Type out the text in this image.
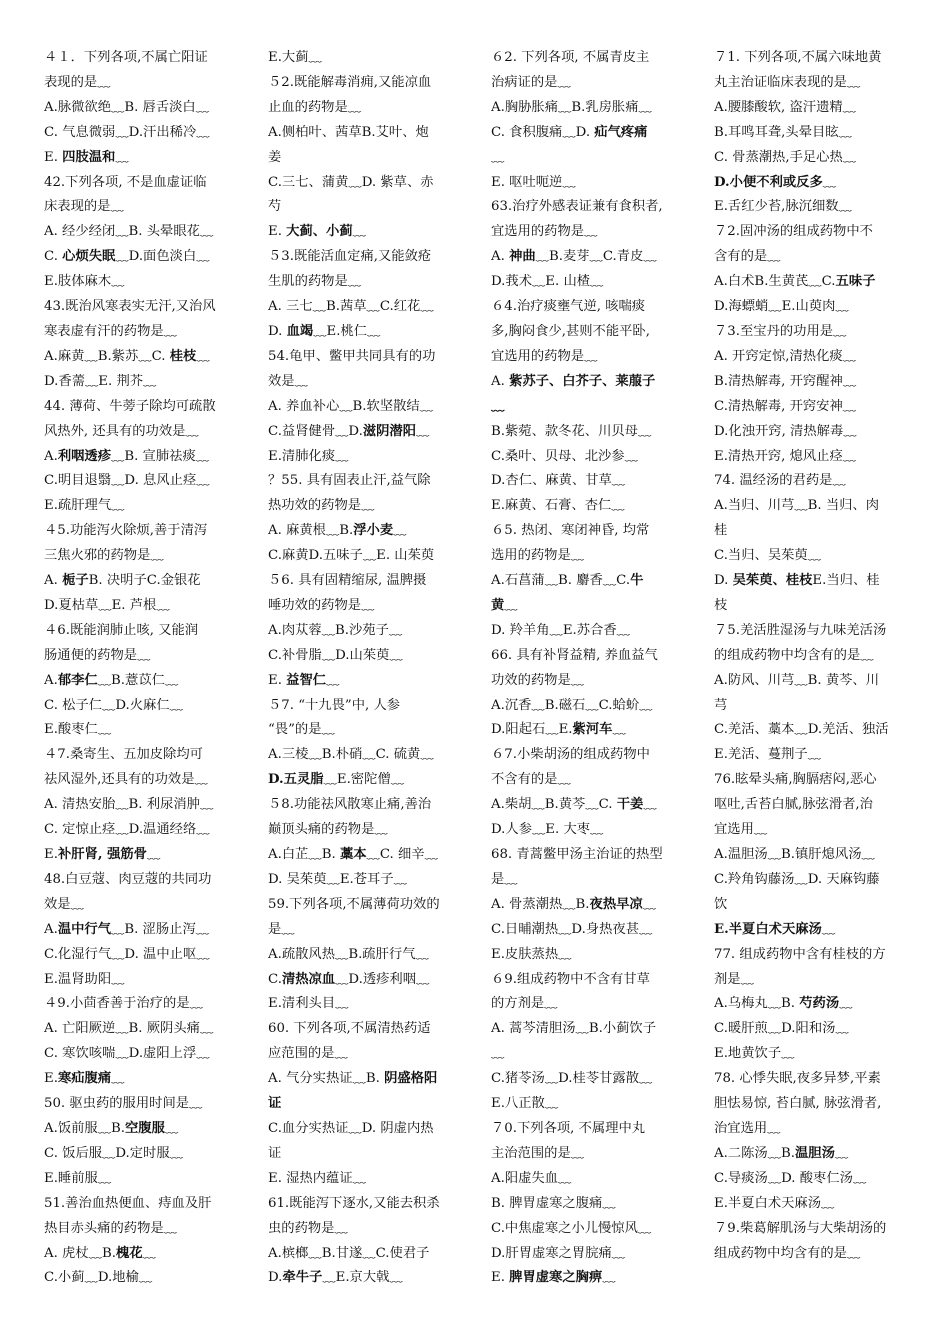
４１．下列各项,不属亡阳证
表现的是﹏
A.脉微欲绝﹏B. 唇舌淡白﹏
C. 气息微弱﹏D.汗出稀冷﹏
E. 四肢温和﹏
42.下列各项, 不是血虚证临
床表现的是﹏
A. 经少经闭﹏B. 头晕眼花﹏
C. 心烦失眠﹏D.面色淡白﹏
E.肢体麻木﹏
43.既治风寒表实无汗,又治风
寒表虚有汗的药物是﹏
A.麻黄﹏B.紫苏﹏C. 桂枝﹏
D.香薷﹏E. 荆芥﹏
44. 薄荷、牛蒡子除均可疏散
风热外, 还具有的功效是﹏
A.利咽透疹﹏B. 宣肺祛痰﹏
C.明目退翳﹏D. 息风止痉﹏
E.疏肝理气﹏
４5.功能泻火除烦,善于清泻
三焦火邪的药物是﹏
A. 栀子B. 决明子C.金银花
D.夏枯草﹏E. 芦根﹏
４6.既能润肺止咳, 又能润
肠通便的药物是﹏
A.郁李仁﹏B.薏苡仁﹏
C. 松子仁﹏D.火麻仁﹏
E.酸枣仁﹏
４7.桑寄生、五加皮除均可
祛风湿外,还具有的功效是﹏
A. 清热安胎﹏B. 利尿消肿﹏
C. 定惊止痉﹏D.温通经络﹏
E.补肝肾, 强筋骨﹏
48.白豆蔻、肉豆蔻的共同功
效是﹏
A.温中行气﹏B. 涩肠止泻﹏
C.化湿行气﹏D. 温中止呕﹏
E.温肾助阳﹏
４9.小茴香善于治疗的是﹏
A. 亡阳厥逆﹏B. 厥阴头痛﹏
C. 寒饮咳喘﹏D.虚阳上浮﹏
E.寒疝腹痛﹏
50. 驱虫药的服用时间是﹏
A.饭前服﹏B.空腹服﹏
C. 饭后服﹏D.定时服﹏
E.睡前服﹏
51.善治血热便血、痔血及肝
热目赤头痛的药物是﹏
A. 虎杖﹏B.槐花﹏
C.小蓟﹏D.地榆﹏
E.大蓟﹏
５2.既能解毒消痈,又能凉血
止血的药物是﹏
A.侧柏叶、茜草B.艾叶、炮
姜
C.三七、蒲黄﹏D. 紫草、赤
芍
E. 大蓟、小蓟﹏
５3.既能活血定痛,又能敛疮
生肌的药物是﹏
A. 三七﹏B.茜草﹏C.红花﹏
D. 血竭﹏E.桃仁﹏
54.龟甲、鳖甲共同具有的功
效是﹏
A. 养血补心﹏B.软坚散结﹏
C.益肾健骨﹏D.滋阴潜阳﹏
E.清肺化痰﹏
？55. 具有固表止汗,益气除
热功效的药物是﹏
A. 麻黄根﹏B.浮小麦﹏
C.麻黄D.五味子﹏E. 山茱萸
５6. 具有固精缩尿, 温脾摄
唾功效的药物是﹏
A.肉苁蓉﹏B.沙苑子﹏
C.补骨脂﹏D.山茱萸﹏
E. 益智仁﹏
５7. “十九畏”中, 人参
“畏”的是﹏
A.三棱﹏B.朴硝﹏C. 硫黄﹏
D.五灵脂﹏E.密陀僧﹏
５8.功能祛风散寒止痛,善治
巅顶头痛的药物是﹏
A.白芷﹏B. 藁本﹏C. 细辛﹏
D. 吴茱萸﹏E.苍耳子﹏
59.下列各项,不属薄荷功效的
是﹏
A.疏散风热﹏B.疏肝行气﹏
C.清热凉血﹏D.透疹利咽﹏
E.清利头目﹏
60. 下列各项,不属清热药适
应范围的是﹏
A. 气分实热证﹏B. 阴盛格阳
证
C.血分实热证﹏D. 阴虚内热
证
E. 湿热内蕴证﹏
61.既能泻下逐水,又能去积杀
虫的药物是﹏
A.槟榔﹏B.甘遂﹏C.使君子
D.牵牛子﹏E.京大戟﹏
６2. 下列各项, 不属青皮主
治病证的是﹏
A.胸胁胀痛﹏B.乳房胀痛﹏
C. 食积腹痛﹏D. 疝气疼痛
﹏
E. 呕吐呃逆﹏
63.治疗外感表证兼有食积者,
宜选用的药物是﹏
A. 神曲﹏B.麦芽﹏C.青皮﹏
D.莪术﹏E. 山楂﹏
６4.治疗痰壅气逆, 咳喘痰
多,胸闷食少,甚则不能平卧,
宜选用的药物是﹏
A. 紫苏子、白芥子、莱菔子
﹏
B.紫菀、款冬花、川贝母﹏
C.桑叶、贝母、北沙参﹏
D.杏仁、麻黄、甘草﹏
E.麻黄、石膏、杏仁﹏
６5. 热闭、寒闭神昏, 均常
选用的药物是﹏
A.石菖蒲﹏B. 麝香﹏C.牛
黄﹏
D. 羚羊角﹏E.苏合香﹏
66. 具有补肾益精, 养血益气
功效的药物是﹏
A.沉香﹏B.磁石﹏C.蛤蚧﹏
D.阳起石﹏E.紫河车﹏
６7.小柴胡汤的组成药物中
不含有的是﹏
A.柴胡﹏B.黄芩﹏C. 干姜﹏
D.人参﹏E. 大枣﹏
68. 青蒿鳖甲汤主治证的热型
是﹏
A. 骨蒸潮热﹏B.夜热早凉﹏
C.日晡潮热﹏D.身热夜甚﹏
E.皮肤蒸热﹏
６9.组成药物中不含有甘草
的方剂是﹏
A. 蒿芩清胆汤﹏B.小蓟饮子
﹏
C.猪苓汤﹏D.桂苓甘露散﹏
E.八正散﹏
７0.下列各项, 不属理中丸
主治范围的是﹏
A.阳虚失血﹏
B. 脾胃虚寒之腹痛﹏
C.中焦虚寒之小儿慢惊风﹏
D.肝胃虚寒之胃脘痛﹏
E. 脾胃虚寒之胸痹﹏
７1. 下列各项,不属六味地黄
丸主治证临床表现的是﹏
A.腰膝酸软, 盗汗遗精﹏
B.耳鸣耳聋,头晕目眩﹏
C. 骨蒸潮热,手足心热﹏
D.小便不利或反多﹏
E.舌红少苔,脉沉细数﹏
７2.固冲汤的组成药物中不
含有的是﹏
A.白术B.生黄芪﹏C.五味子
D.海螵蛸﹏E.山萸肉﹏
７3.至宝丹的功用是﹏
A. 开窍定惊,清热化痰﹏
B.清热解毒, 开窍醒神﹏
C.清热解毒, 开窍安神﹏
D.化浊开窍, 清热解毒﹏
E.清热开窍, 熄风止痉﹏
74. 温经汤的君药是﹏
A.当归、川芎﹏B. 当归、肉
桂
C.当归、吴茱萸﹏
D. 吴茱萸、桂枝E.当归、桂
枝
７5.羌活胜湿汤与九味羌活汤
的组成药物中均含有的是﹏
A.防风、川芎﹏B. 黄芩、川
芎
C.羌活、藁本﹏D.羌活、独活
E.羌活、蔓荆子﹏
76.眩晕头痛,胸膈痞闷,恶心
呕吐,舌苔白腻,脉弦滑者,治
宜选用﹏
A.温胆汤﹏B.镇肝熄风汤﹏
C.羚角钩藤汤﹏D. 天麻钩藤
饮
E.半夏白术天麻汤﹏
77. 组成药物中含有桂枝的方
剂是﹏
A.乌梅丸﹏B. 芍药汤﹏
C.暖肝煎﹏D.阳和汤﹏
E.地黄饮子﹏
78. 心悸失眠,夜多异梦,平素
胆怯易惊, 苔白腻, 脉弦滑者,
治宜选用﹏
A.二陈汤﹏B.温胆汤﹏
C.导痰汤﹏D. 酸枣仁汤﹏
E.半夏白术天麻汤﹏
７9.柴葛解肌汤与大柴胡汤的
组成药物中均含有的是﹏
